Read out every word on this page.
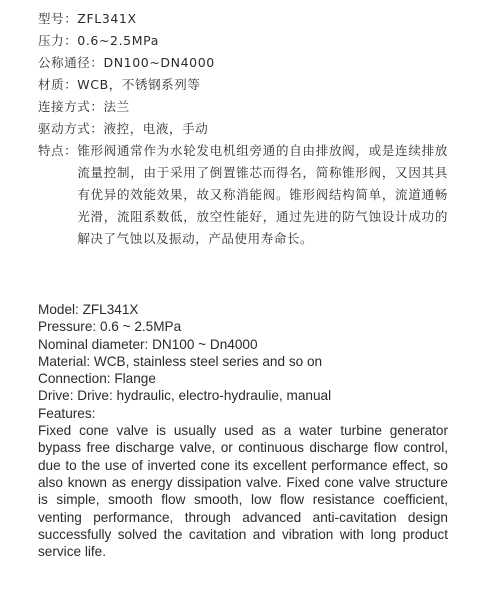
型号：ZFL341X
压力：0.6~2.5MPa
公称通径：DN100~DN4000
材质：WCB，不锈钢系列等
连接方式：法兰
驱动方式：液控，电液，手动
特点： 锥形阀通常作为水轮发电机组旁通的自由排放阀，或是连续排放流量控制，由于采用了倒置锥芯而得名，简称锥形阀，又因其具有优异的效能效果，故又称消能阀。锥形阀结构简单，流道通畅光滑，流阻系数低，放空性能好，通过先进的防气蚀设计成功的解决了气蚀以及振动，产品使用寿命长。
Model: ZFL341X
Pressure: 0.6 ~ 2.5MPa
Nominal diameter: DN100 ~ Dn4000
Material: WCB, stainless steel series and so on
Connection: Flange
Drive: Drive: hydraulic, electro-hydraulie, manual
Features:
Fixed cone valve is usually used as a water turbine generator bypass free discharge valve, or continuous discharge flow control, due to the use of inverted cone its excellent performance effect, so also known as energy dissipation valve. Fixed cone valve structure is simple, smooth flow smooth, low flow resistance coefficient, venting performance, through advanced anti-cavitation design successfully solved the cavitation and vibration with long product service life.
